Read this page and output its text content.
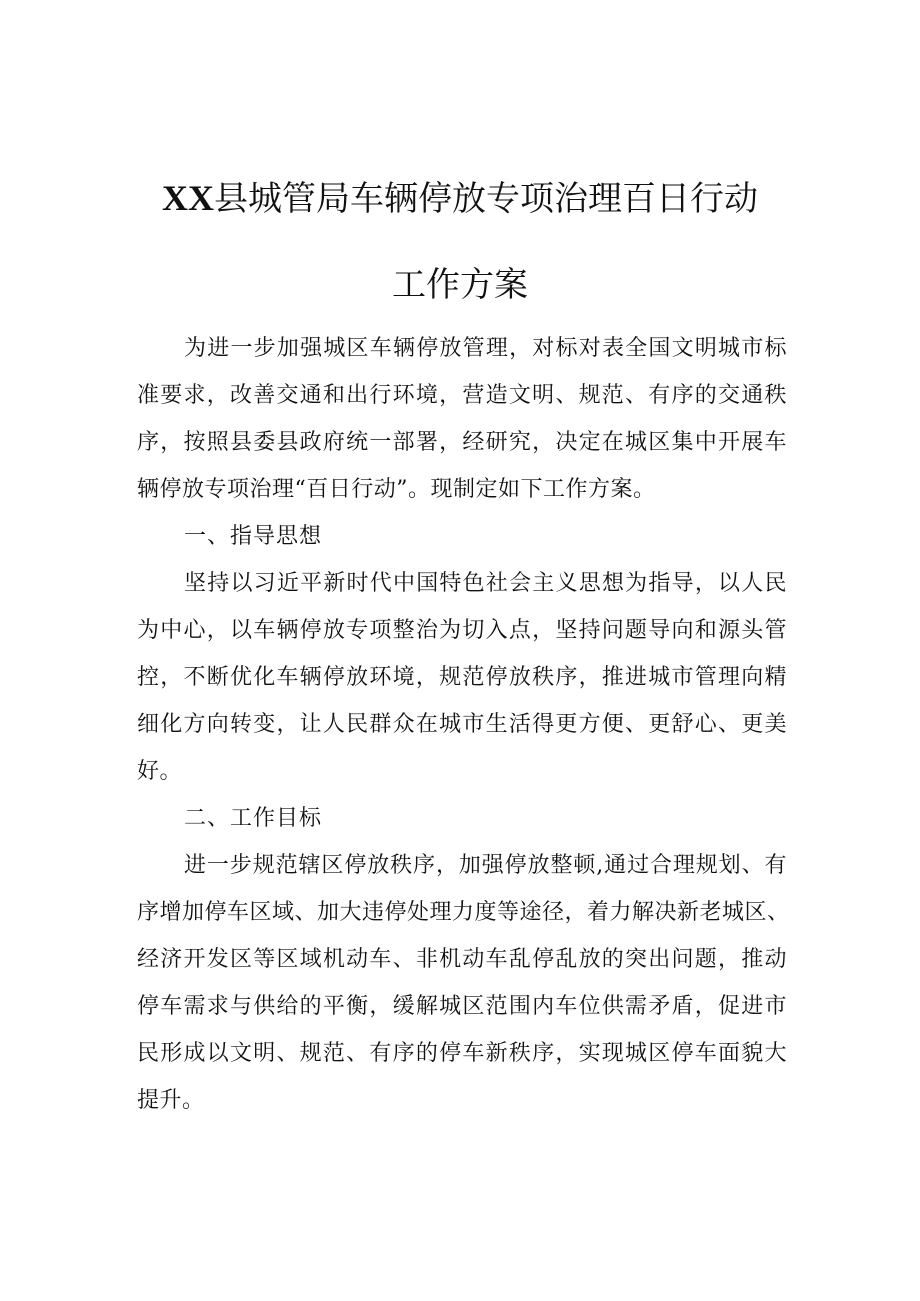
XX县城管局车辆停放专项治理百日行动
工作方案
为进一步加强城区车辆停放管理，对标对表全国文明城市标
准要求，改善交通和出行环境，营造文明、规范、有序的交通秩
序，按照县委县政府统一部署，经研究，决定在城区集中开展车
辆停放专项治理“百日行动”。现制定如下工作方案。
一、指导思想
坚持以习近平新时代中国特色社会主义思想为指导，以人民
为中心，以车辆停放专项整治为切入点，坚持问题导向和源头管
控，不断优化车辆停放环境，规范停放秩序，推进城市管理向精
细化方向转变，让人民群众在城市生活得更方便、更舒心、更美
好。
二、工作目标
进一步规范辖区停放秩序，加强停放整顿,通过合理规划、有
序增加停车区域、加大违停处理力度等途径，着力解决新老城区、
经济开发区等区域机动车、非机动车乱停乱放的突出问题，推动
停车需求与供给的平衡，缓解城区范围内车位供需矛盾，促进市
民形成以文明、规范、有序的停车新秩序，实现城区停车面貌大
提升。
